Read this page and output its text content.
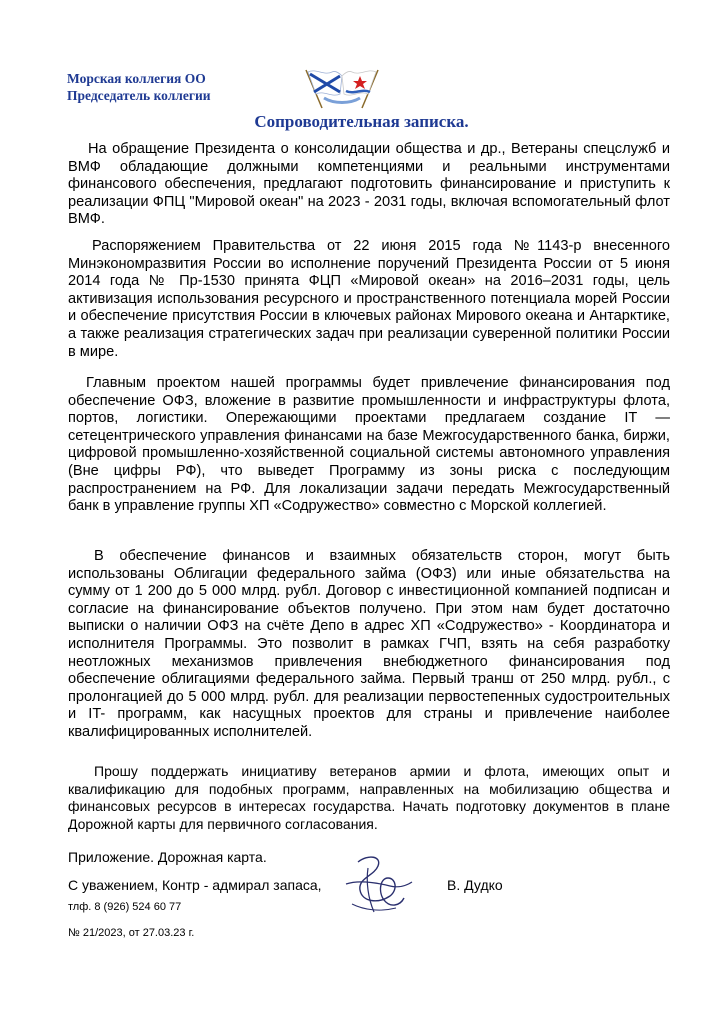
Морская коллегия ОО
Председатель коллегии
Сопроводительная записка.
На обращение Президента о консолидации общества и др., Ветераны спецслужб и ВМФ обладающие должными компетенциями и реальными инструментами финансового обеспечения, предлагают подготовить финансирование и приступить к реализации ФПЦ "Мировой океан" на 2023 - 2031 годы, включая вспомогательный флот ВМФ.
Распоряжением Правительства от 22 июня 2015 года №1143-р внесенного Минэкономразвития России во исполнение поручений Президента России от 5 июня 2014 года № Пр-1530 принята ФЦП «Мировой океан» на 2016–2031 годы, цель активизация использования ресурсного и пространственного потенциала морей России и обеспечение присутствия России в ключевых районах Мирового океана и Антарктике, а также реализация стратегических задач при реализации суверенной политики России в мире.
Главным проектом нашей программы будет привлечение финансирования под обеспечение ОФЗ, вложение в развитие промышленности и инфраструктуры флота, портов, логистики. Опережающими проектами предлагаем создание IT — сетецентрического управления финансами на базе Межгосударственного банка, биржи, цифровой промышленно-хозяйственной социальной системы автономного управления (Вне цифры РФ), что выведет Программу из зоны риска с последующим распространением на РФ. Для локализации задачи передать Межгосударственный банк в управление группы ХП «Содружество» совместно с Морской коллегией.
В обеспечение финансов и взаимных обязательств сторон, могут быть использованы Облигации федерального займа (ОФЗ) или иные обязательства на сумму от 1 200 до 5 000 млрд. рубл. Договор с инвестиционной компанией подписан и согласие на финансирование объектов получено. При этом нам будет достаточно выписки о наличии ОФЗ на счёте Депо в адрес ХП «Содружество» - Координатора и исполнителя Программы. Это позволит в рамках ГЧП, взять на себя разработку неотложных механизмов привлечения внебюджетного финансирования под обеспечение облигациями федерального займа. Первый транш от 250 млрд. рубл., с пролонгацией до 5 000 млрд. рубл. для реализации первостепенных судостроительных и IT- программ, как насущных проектов для страны и привлечение наиболее квалифицированных исполнителей.
Прошу поддержать инициативу ветеранов армии и флота, имеющих опыт и квалификацию для подобных программ, направленных на мобилизацию общества и финансовых ресурсов в интересах государства. Начать подготовку документов в плане Дорожной карты для первичного согласования.
Приложение. Дорожная карта.
С уважением, Контр - адмирал запаса,	В. Дудко
тлф. 8 (926) 524 60 77
№ 21/2023, от 27.03.23 г.
